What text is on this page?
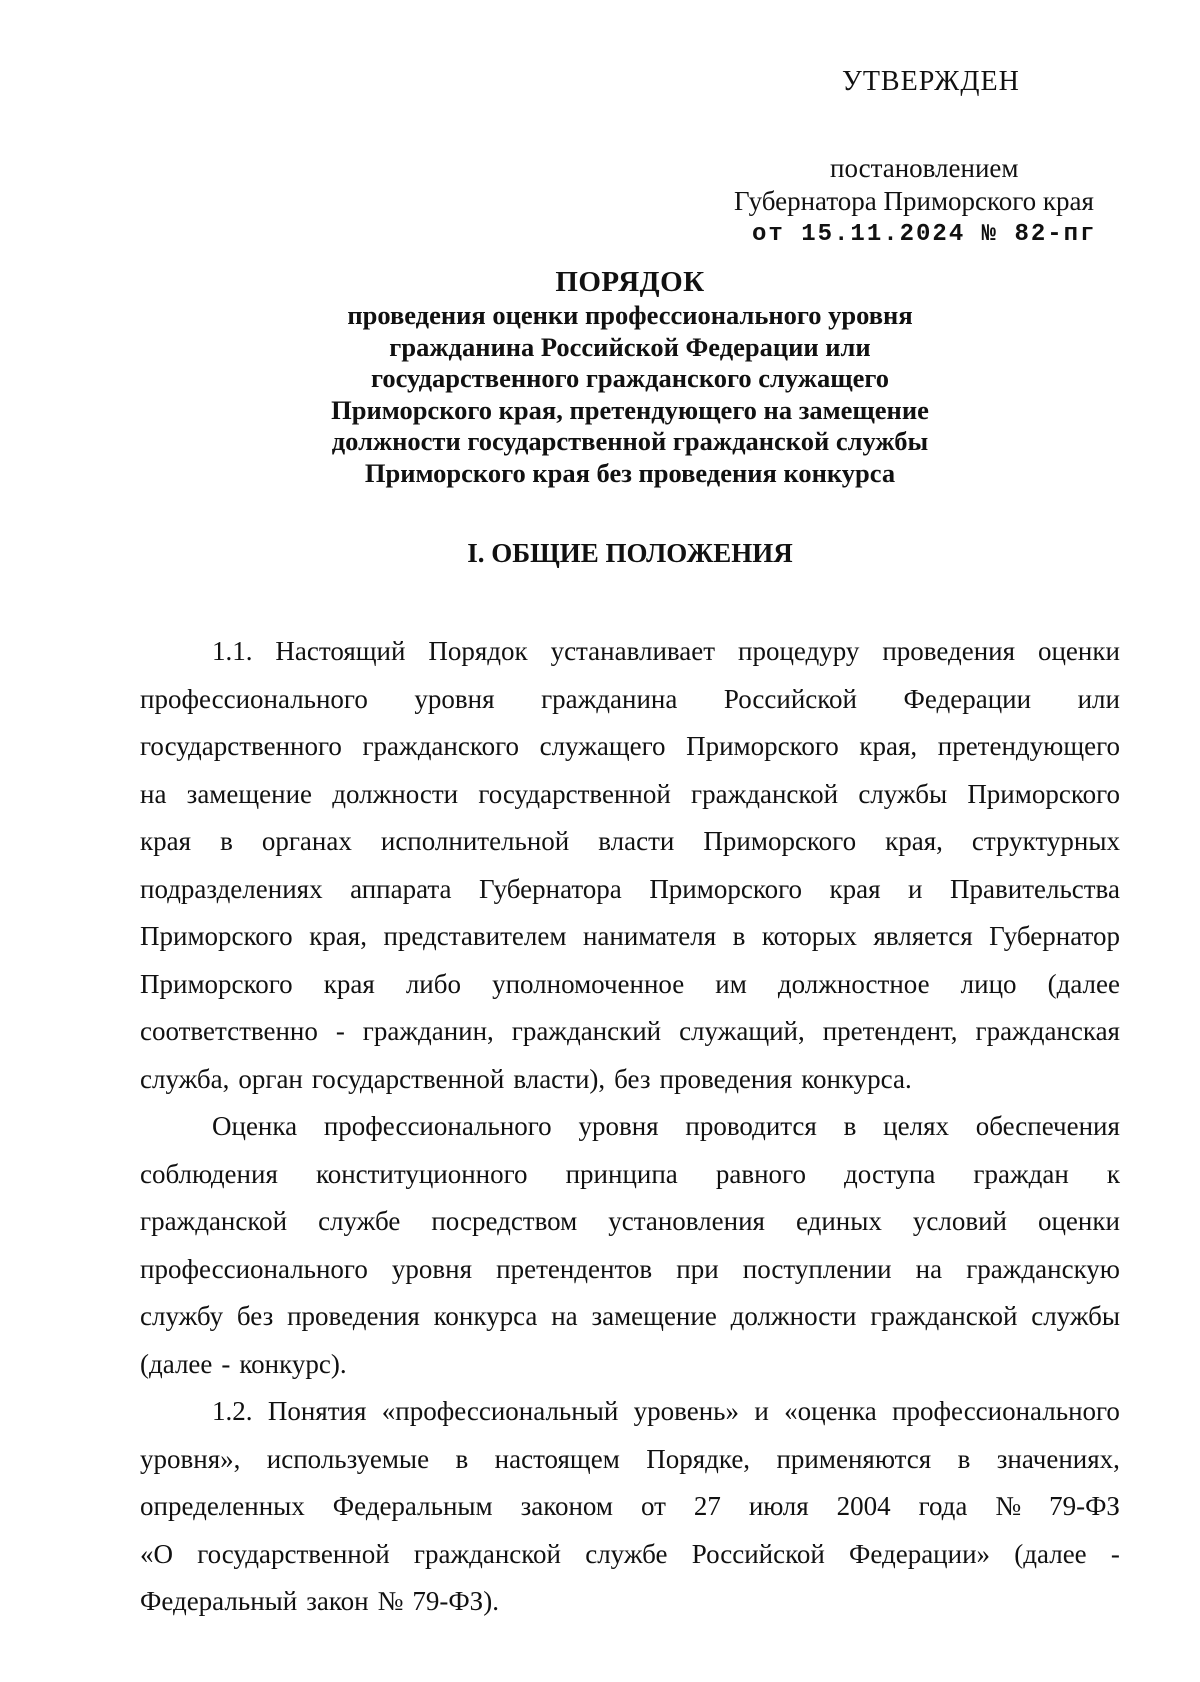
УТВЕРЖДЕН
постановлением
Губернатора Приморского края
от 15.11.2024 № 82-пг
ПОРЯДОК
проведения оценки профессионального уровня
гражданина Российской Федерации или
государственного гражданского служащего
Приморского края, претендующего на замещение
должности государственной гражданской службы
Приморского края без проведения конкурса
I. ОБЩИЕ ПОЛОЖЕНИЯ
1.1. Настоящий Порядок устанавливает процедуру проведения оценки
профессионального уровня гражданина Российской Федерации или
государственного гражданского служащего Приморского края, претендующего
на замещение должности государственной гражданской службы Приморского
края в органах исполнительной власти Приморского края, структурных
подразделениях аппарата Губернатора Приморского края и Правительства
Приморского края, представителем нанимателя в которых является Губернатор
Приморского края либо уполномоченное им должностное лицо (далее
соответственно - гражданин, гражданский служащий, претендент, гражданская
служба, орган государственной власти), без проведения конкурса.
Оценка профессионального уровня проводится в целях обеспечения
соблюдения конституционного принципа равного доступа граждан к
гражданской службе посредством установления единых условий оценки
профессионального уровня претендентов при поступлении на гражданскую
службу без проведения конкурса на замещение должности гражданской службы
(далее - конкурс).
1.2. Понятия «профессиональный уровень» и «оценка профессионального
уровня», используемые в настоящем Порядке, применяются в значениях,
определенных Федеральным законом от 27 июля 2004 года № 79-ФЗ
«О государственной гражданской службе Российской Федерации» (далее -
Федеральный закон № 79-ФЗ).
